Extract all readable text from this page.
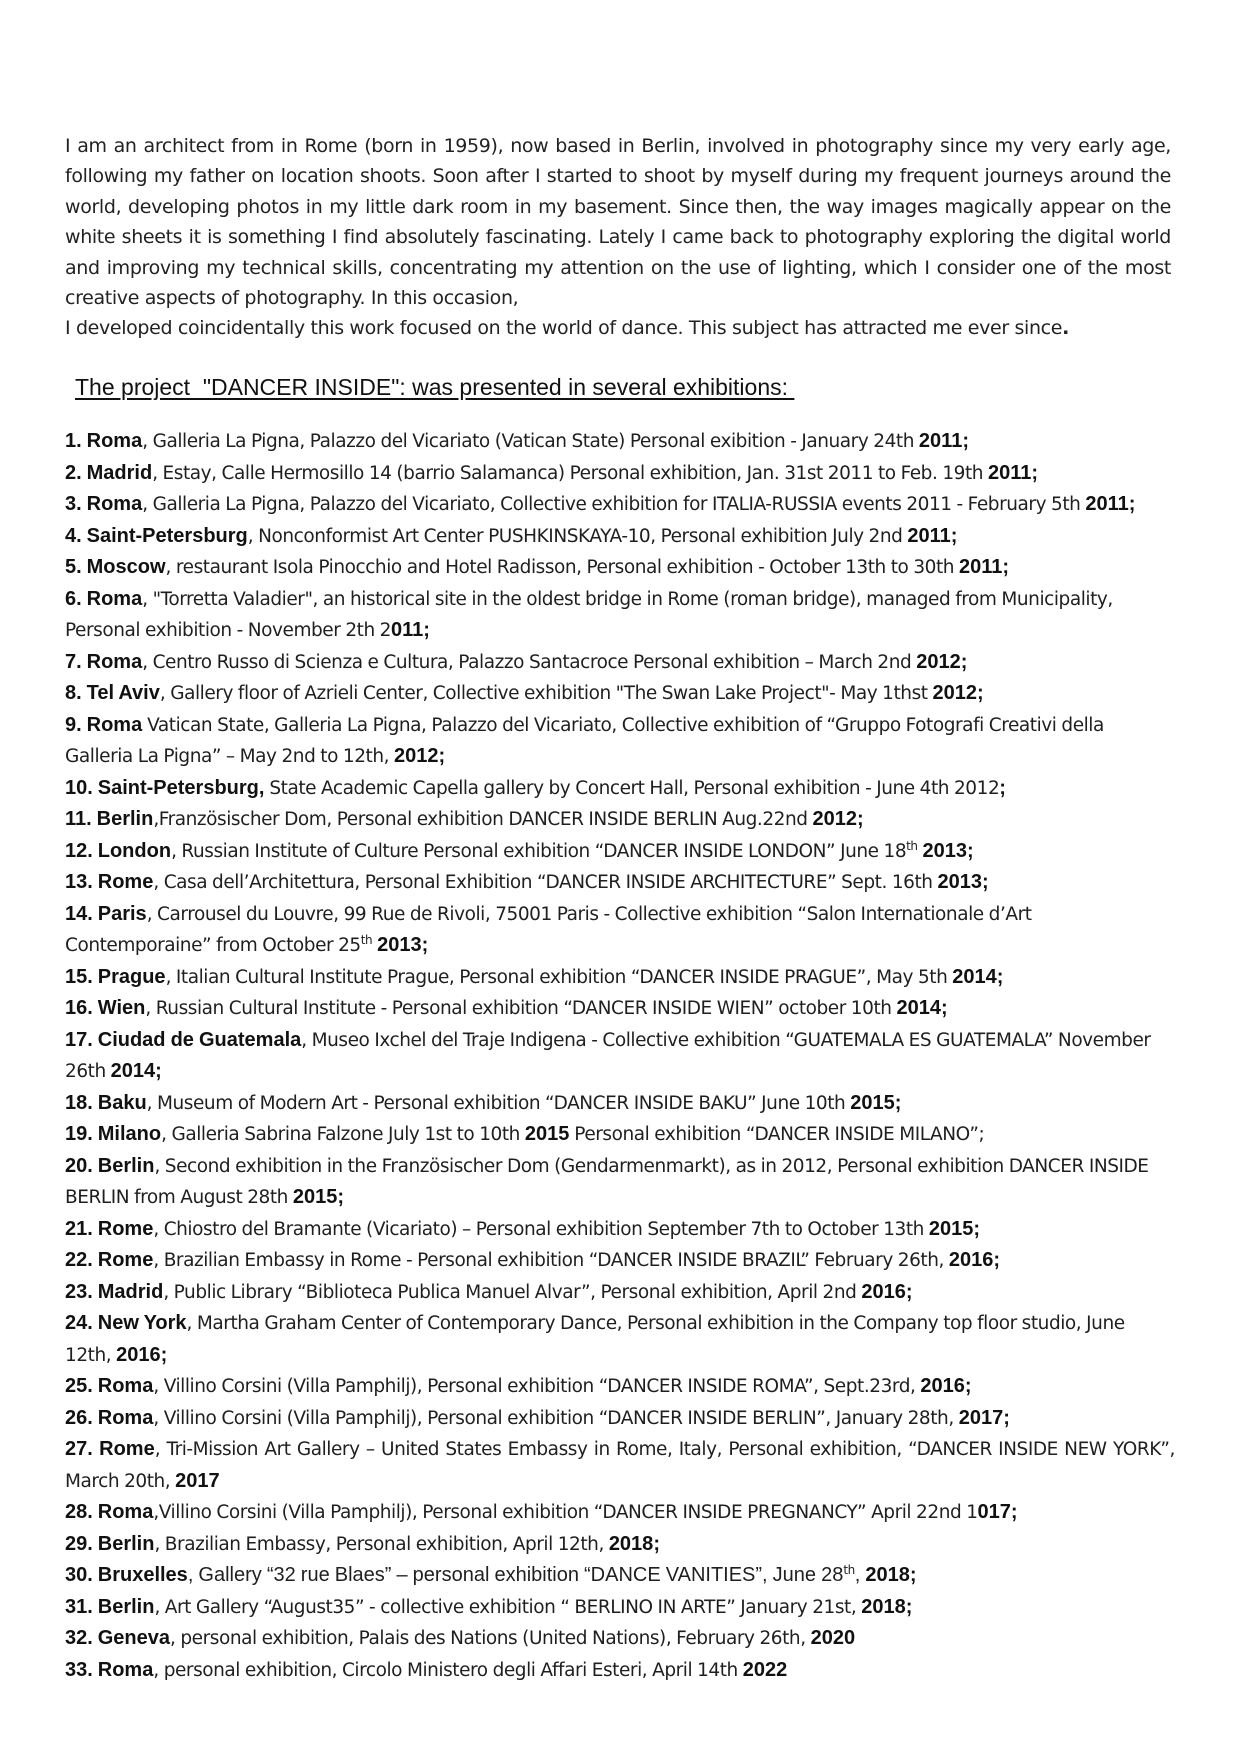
I am an architect from in Rome (born in 1959), now based in Berlin, involved in photography since my very early age, following my father on location shoots. Soon after I started to shoot by myself during my frequent journeys around the world, developing photos in my little dark room in my basement. Since then, the way images magically appear on the white sheets it is something I find absolutely fascinating. Lately I came back to photography exploring the digital world and improving my technical skills, concentrating my attention on the use of lighting, which I consider one of the most creative aspects of photography. In this occasion,
I developed coincidentally this work focused on the world of dance. This subject has attracted me ever since.

The project  "DANCER INSIDE": was presented in several exhibitions:
1. Roma, Galleria La Pigna, Palazzo del Vicariato (Vatican State) Personal exibition - January 24th 2011;
2. Madrid, Estay, Calle Hermosillo 14 (barrio Salamanca) Personal exhibition, Jan. 31st 2011 to Feb. 19th 2011;
3. Roma, Galleria La Pigna, Palazzo del Vicariato, Collective exhibition for ITALIA-RUSSIA events 2011 - February 5th 2011;
4. Saint-Petersburg, Nonconformist Art Center PUSHKINSKAYA-10, Personal exhibition July 2nd 2011;
5. Moscow, restaurant Isola Pinocchio and Hotel Radisson, Personal exhibition - October 13th to 30th 2011;
6. Roma, "Torretta Valadier", an historical site in the oldest bridge in Rome (roman bridge), managed from Municipality, Personal exhibition - November 2th 2011;
7. Roma, Centro Russo di Scienza e Cultura, Palazzo Santacroce Personal exhibition – March 2nd 2012;
8. Tel Aviv, Gallery floor of Azrieli Center, Collective exhibition "The Swan Lake Project"- May 1thst 2012;
9. Roma Vatican State, Galleria La Pigna, Palazzo del Vicariato, Collective exhibition of “Gruppo Fotografi Creativi della Galleria La Pigna” – May 2nd to 12th, 2012;
10. Saint-Petersburg, State Academic Capella gallery by Concert Hall, Personal exhibition - June 4th 2012;
11. Berlin,Französischer Dom, Personal exhibition DANCER INSIDE BERLIN Aug.22nd 2012;
12. London, Russian Institute of Culture Personal exhibition “DANCER INSIDE LONDON” June 18th 2013;
13. Rome, Casa dell’Architettura, Personal Exhibition “DANCER INSIDE ARCHITECTURE” Sept. 16th 2013;
14. Paris, Carrousel du Louvre, 99 Rue de Rivoli, 75001 Paris - Collective exhibition “Salon Internationale d’Art Contemporaine” from October 25th 2013;
15. Prague, Italian Cultural Institute Prague, Personal exhibition “DANCER INSIDE PRAGUE”, May 5th 2014;
16. Wien, Russian Cultural Institute - Personal exhibition “DANCER INSIDE WIEN” october 10th 2014;
17. Ciudad de Guatemala, Museo Ixchel del Traje Indigena - Collective exhibition “GUATEMALA ES GUATEMALA” November 26th 2014;
18. Baku, Museum of Modern Art - Personal exhibition “DANCER INSIDE BAKU” June 10th 2015;
19. Milano, Galleria Sabrina Falzone July 1st to 10th 2015 Personal exhibition “DANCER INSIDE MILANO”;
20. Berlin, Second exhibition in the Französischer Dom (Gendarmenmarkt), as in 2012, Personal exhibition DANCER INSIDE BERLIN from August 28th 2015;
21. Rome, Chiostro del Bramante (Vicariato) – Personal exhibition September 7th to October 13th 2015;
22. Rome, Brazilian Embassy in Rome - Personal exhibition “DANCER INSIDE BRAZIL” February 26th, 2016;
23. Madrid, Public Library “Biblioteca Publica Manuel Alvar”, Personal exhibition, April 2nd 2016;
24. New York, Martha Graham Center of Contemporary Dance, Personal exhibition in the Company top floor studio, June 12th, 2016;
25. Roma, Villino Corsini (Villa Pamphilj), Personal exhibition “DANCER INSIDE ROMA”, Sept.23rd, 2016;
26. Roma, Villino Corsini (Villa Pamphilj), Personal exhibition “DANCER INSIDE BERLIN”, January 28th, 2017;
27. Rome, Tri-Mission Art Gallery – United States Embassy in Rome, Italy, Personal exhibition, “DANCER INSIDE NEW YORK”, March 20th, 2017
28. Roma,Villino Corsini (Villa Pamphilj), Personal exhibition “DANCER INSIDE PREGNANCY” April 22nd 1017;
29. Berlin, Brazilian Embassy, Personal exhibition, April 12th, 2018;
30. Bruxelles, Gallery “32 rue Blaes” – personal exhibition “DANCE VANITIES”, June 28th, 2018;
31. Berlin, Art Gallery “August35” - collective exhibition “ BERLINO IN ARTE” January 21st, 2018;
32. Geneva, personal exhibition, Palais des Nations (United Nations), February 26th, 2020
33. Roma, personal exhibition, Circolo Ministero degli Affari Esteri, April 14th 2022
